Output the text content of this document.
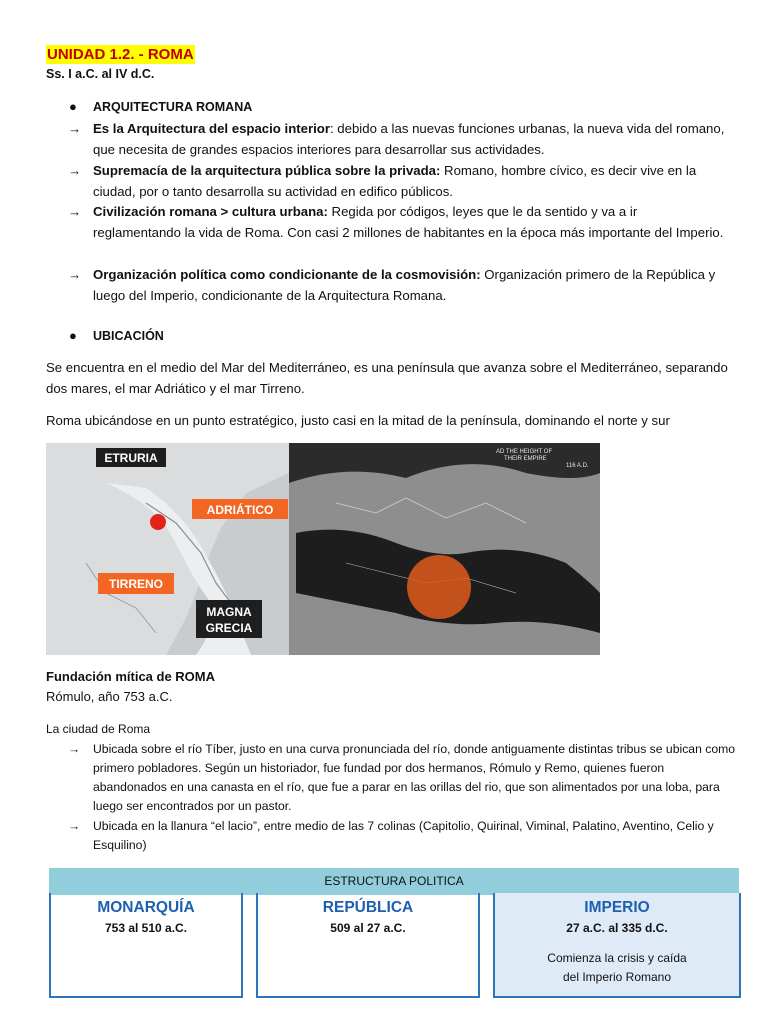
UNIDAD 1.2. - ROMA
Ss. I a.C. al IV d.C.
● ARQUITECTURA ROMANA
→ Es la Arquitectura del espacio interior: debido a las nuevas funciones urbanas, la nueva vida del romano, que necesita de grandes espacios interiores para desarrollar sus actividades.
→ Supremacía de la arquitectura pública sobre la privada: Romano, hombre cívico, es decir vive en la ciudad, por o tanto desarrolla su actividad en edifico públicos.
→ Civilización romana > cultura urbana: Regida por códigos, leyes que le da sentido y va a ir reglamentando la vida de Roma. Con casi 2 millones de habitantes en la época más importante del Imperio.
→ Organización política como condicionante de la cosmovisión: Organización primero de la República y luego del Imperio, condicionante de la Arquitectura Romana.
● UBICACIÓN
Se encuentra en el medio del Mar del Mediterráneo, es una península que avanza sobre el Mediterráneo, separando dos mares, el mar Adriático y el mar Tirreno.
Roma ubicándose en un punto estratégico, justo casi en la mitad de la península, dominando el norte y sur
AD THE HEIGHT OF
THEIR EMPIRE
116 A.D.
ETRURIA
ADRIÁTICO
TIRRENO
MAGNA
GRECIA
Fundación mítica de ROMA
Rómulo, año 753 a.C.
La ciudad de Roma
→ Ubicada sobre el río Tíber, justo en una curva pronunciada del río, donde antiguamente distintas tribus se ubican como primero pobladores. Según un historiador, fue fundad por dos hermanos, Rómulo y Remo, quienes fueron abandonados en una canasta en el río, que fue a parar en las orillas del rio, que son alimentados por una loba, para luego ser encontrados por un pastor.
→ Ubicada en la llanura “el lacio”, entre medio de las 7 colinas (Capitolio, Quirinal, Viminal, Palatino, Aventino, Celio y Esquilino)
ESTRUCTURA POLITICA
MONARQUÍA
753 al 510 a.C.
REPÚBLICA
509 al 27 a.C.
IMPERIO
27 a.C. al 335 d.C.
Comienza la crisis y caída
del Imperio Romano
